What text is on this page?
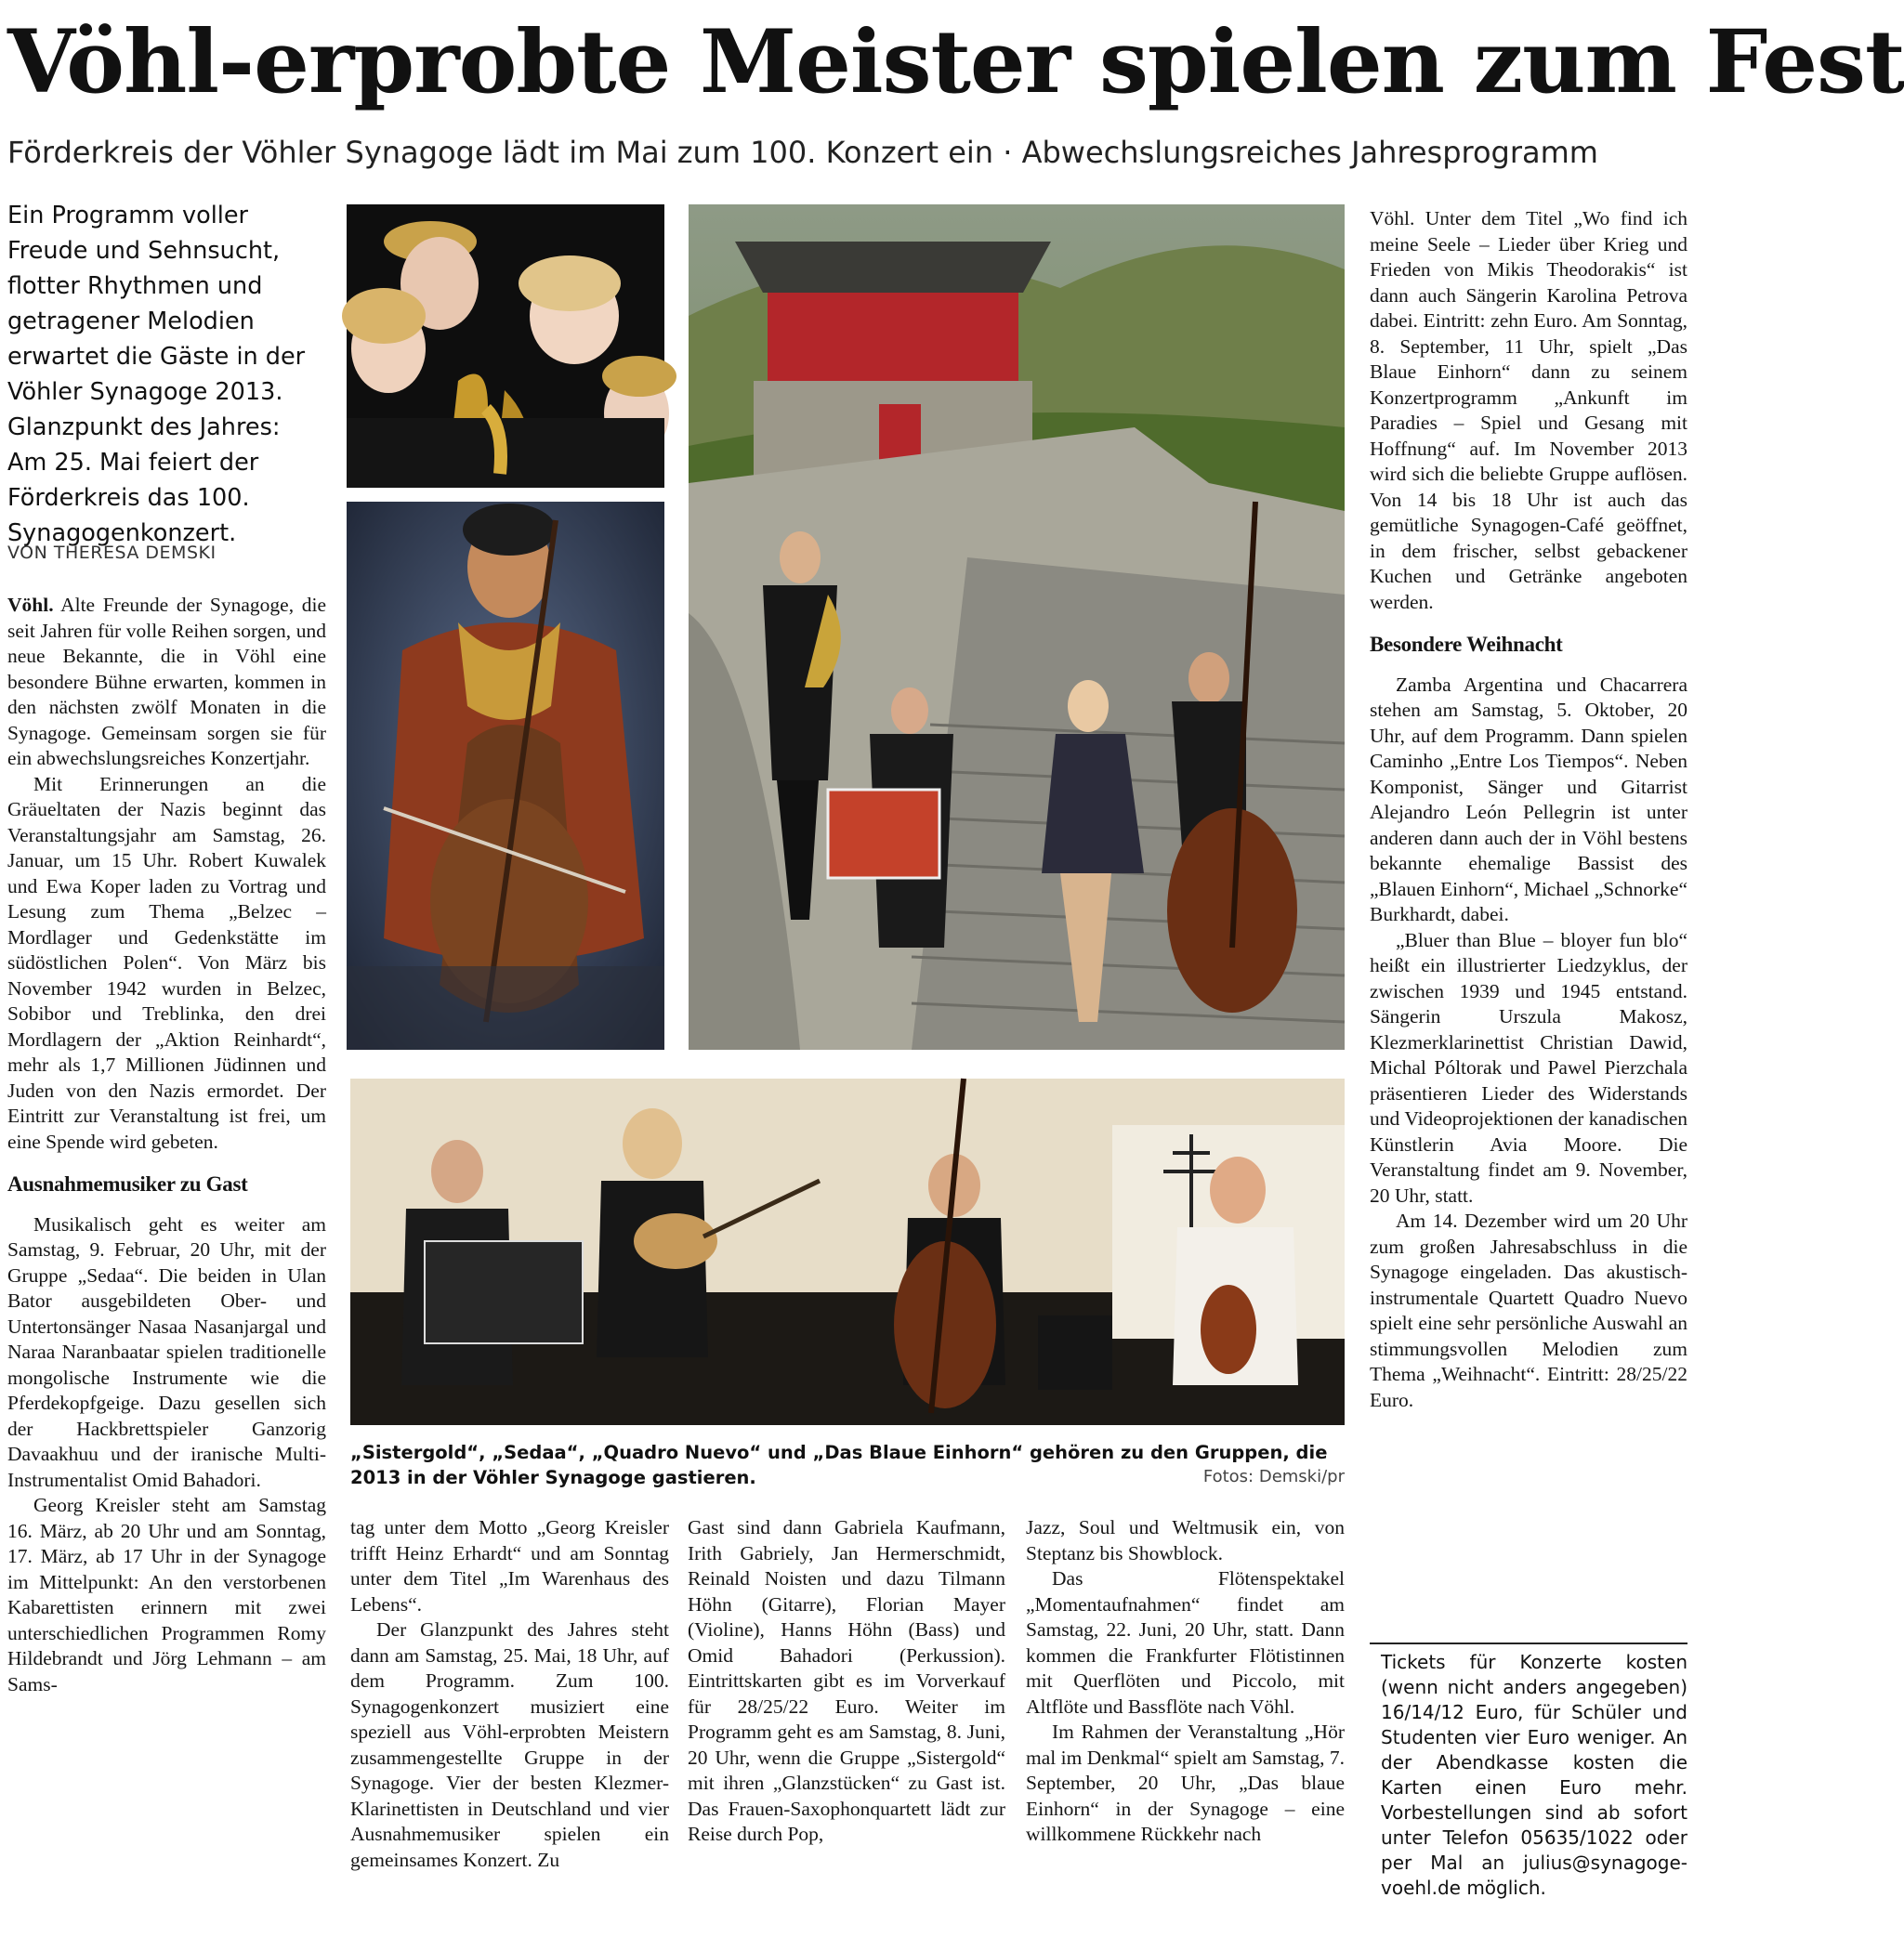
Vöhl-erprobte Meister spielen zum Fest
Förderkreis der Vöhler Synagoge lädt im Mai zum 100. Konzert ein · Abwechslungsreiches Jahresprogramm
Ein Programm voller Freude und Sehnsucht, flotter Rhythmen und getragener Melodien erwartet die Gäste in der Vöhler Synagoge 2013. Glanzpunkt des Jahres: Am 25. Mai feiert der Förderkreis das 100. Synagogenkonzert.
VON THERESA DEMSKI

Vöhl. Alte Freunde der Synagoge, die seit Jahren für volle Reihen sorgen, und neue Bekannte, die in Vöhl eine besondere Bühne erwarten, kommen in den nächsten zwölf Monaten in die Synagoge. Gemeinsam sorgen sie für ein abwechslungsreiches Konzertjahr.

Mit Erinnerungen an die Gräueltaten der Nazis beginnt das Veranstaltungsjahr am Samstag, 26. Januar, um 15 Uhr. Robert Kuwalek und Ewa Koper laden zu Vortrag und Lesung zum Thema „Belzec – Mordlager und Gedenkstätte im südöstlichen Polen“. Von März bis November 1942 wurden in Belzec, Sobibor und Treblinka, den drei Mordlagern der „Aktion Reinhardt“, mehr als 1,7 Millionen Jüdinnen und Juden von den Nazis ermordet. Der Eintritt zur Veranstaltung ist frei, um eine Spende wird gebeten.

Ausnahmemusiker zu Gast

Musikalisch geht es weiter am Samstag, 9. Februar, 20 Uhr, mit der Gruppe „Sedaa“. Die beiden in Ulan Bator ausgebildeten Ober- und Untertonsänger Nasaa Nasanjargal und Naraa Naranbaatar spielen traditionelle mongolische Instrumente wie die Pferdekopfgeige. Dazu gesellen sich der Hackbrettspieler Ganzorig Davaakhuu und der iranische Multi-Instrumentalist Omid Bahadori.

Georg Kreisler steht am Samstag 16. März, ab 20 Uhr und am Sonntag, 17. März, ab 17 Uhr in der Synagoge im Mittelpunkt: An den verstorbenen Kabarettisten erinnern mit zwei unterschiedlichen Programmen Romy Hildebrandt und Jörg Lehmann – am Sams-

„Sistergold“, „Sedaa“, „Quadro Nuevo“ und „Das Blaue Einhorn“ gehören zu den Gruppen, die 2013 in der Vöhler Synagoge gastieren.	Fotos: Demski/pr

tag unter dem Motto „Georg Kreisler trifft Heinz Erhardt“ und am Sonntag unter dem Titel „Im Warenhaus des Lebens“.

Der Glanzpunkt des Jahres steht dann am Samstag, 25. Mai, 18 Uhr, auf dem Programm. Zum 100. Synagogenkonzert musiziert eine speziell aus Vöhl-erprobten Meistern zusammengestellte Gruppe in der Synagoge. Vier der besten Klezmer-Klarinettisten in Deutschland und vier Ausnahmemusiker spielen ein gemeinsames Konzert. Zu

Gast sind dann Gabriela Kaufmann, Irith Gabriely, Jan Hermerschmidt, Reinald Noisten und dazu Tilmann Höhn (Gitarre), Florian Mayer (Violine), Hanns Höhn (Bass) und Omid Bahadori (Perkussion). Eintrittskarten gibt es im Vorverkauf für 28/25/22 Euro. Weiter im Programm geht es am Samstag, 8. Juni, 20 Uhr, wenn die Gruppe „Sistergold“ mit ihren „Glanzstücken“ zu Gast ist. Das Frauen-Saxophonquartett lädt zur Reise durch Pop,

Jazz, Soul und Weltmusik ein, von Steptanz bis Showblock.

Das Flötenspektakel „Momentaufnahmen“ findet am Samstag, 22. Juni, 20 Uhr, statt. Dann kommen die Frankfurter Flötistinnen mit Querflöten und Piccolo, mit Altflöte und Bassflöte nach Vöhl.

Im Rahmen der Veranstaltung „Hör mal im Denkmal“ spielt am Samstag, 7. September, 20 Uhr, „Das blaue Einhorn“ in der Synagoge – eine willkommene Rückkehr nach

Vöhl. Unter dem Titel „Wo find ich meine Seele – Lieder über Krieg und Frieden von Mikis Theodorakis“ ist dann auch Sängerin Karolina Petrova dabei. Eintritt: zehn Euro. Am Sonntag, 8. September, 11 Uhr, spielt „Das Blaue Einhorn“ dann zu seinem Konzertprogramm „Ankunft im Paradies – Spiel und Gesang mit Hoffnung“ auf. Im November 2013 wird sich die beliebte Gruppe auflösen. Von 14 bis 18 Uhr ist auch das gemütliche Synagogen-Café geöffnet, in dem frischer, selbst gebackener Kuchen und Getränke angeboten werden.

Besondere Weihnacht

Zamba Argentina und Chacarrera stehen am Samstag, 5. Oktober, 20 Uhr, auf dem Programm. Dann spielen Caminho „Entre Los Tiempos“. Neben Komponist, Sänger und Gitarrist Alejandro León Pellegrin ist unter anderen dann auch der in Vöhl bestens bekannte ehemalige Bassist des „Blauen Einhorn“, Michael „Schnorke“ Burkhardt, dabei.

„Bluer than Blue – bloyer fun blo“ heißt ein illustrierter Liedzyklus, der zwischen 1939 und 1945 entstand. Sängerin Urszula Makosz, Klezmerklarinettist Christian Dawid, Michal Póltorak und Pawel Pierzchala präsentieren Lieder des Widerstands und Videoprojektionen der kanadischen Künstlerin Avia Moore. Die Veranstaltung findet am 9. November, 20 Uhr, statt.

Am 14. Dezember wird um 20 Uhr zum großen Jahresabschluss in die Synagoge eingeladen. Das akustisch-instrumentale Quartett Quadro Nuevo spielt eine sehr persönliche Auswahl an stimmungsvollen Melodien zum Thema „Weihnacht“. Eintritt: 28/25/22 Euro.

Tickets für Konzerte kosten (wenn nicht anders angegeben) 16/14/12 Euro, für Schüler und Studenten vier Euro weniger. An der Abendkasse kosten die Karten einen Euro mehr. Vorbestellungen sind ab sofort unter Telefon 05635/1022 oder per Mal an julius@synagoge-voehl.de möglich.
